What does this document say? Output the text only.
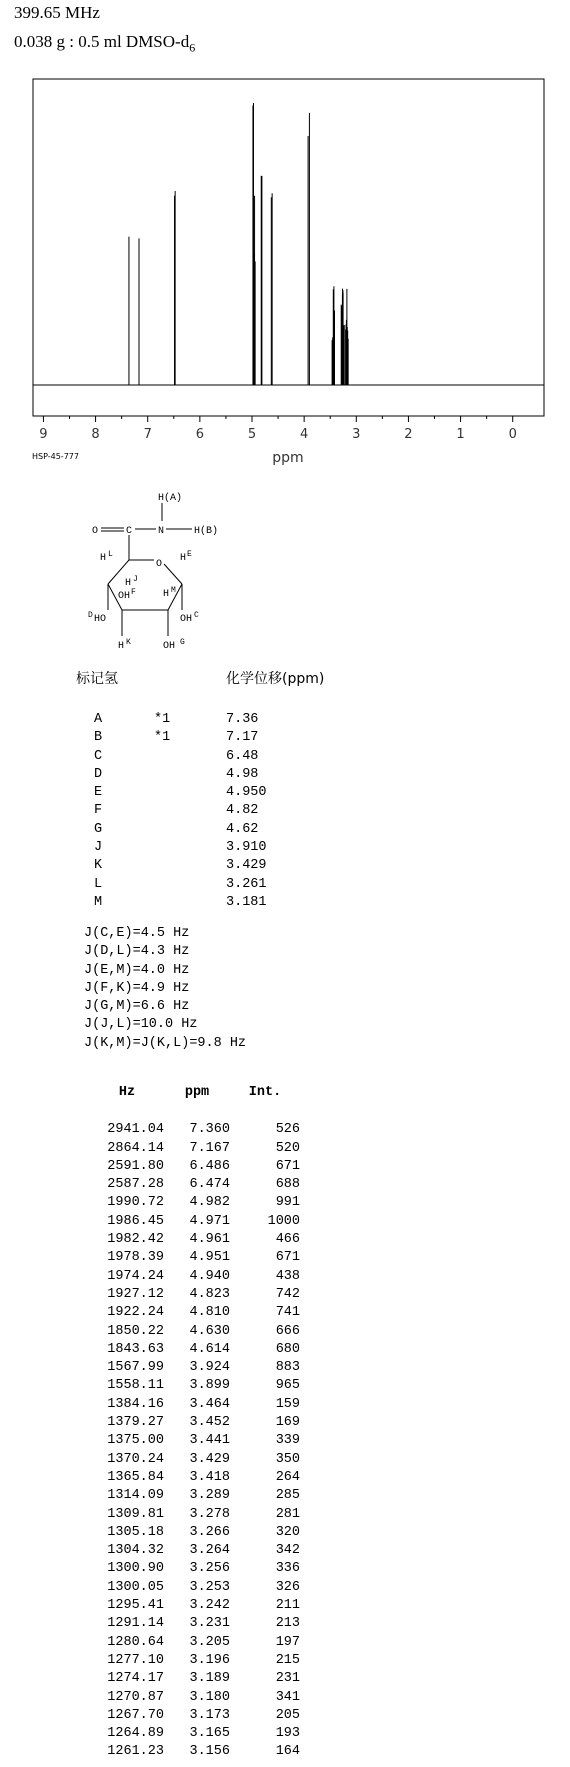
399.65 MHz
0.038 g : 0.5 ml DMSO-$d_6$
9	8	7	6	5	4	3	2	1	0
ppm
HSP-45-777
O	C	N
H(A)
H(B)
H L
O
H E
H J
OH F	H M
D HO	OH C
H K	OH G
标记氢	化学位移(ppm)
A	*1	7.36
B	*1	7.17
C	6.48
D	4.98
E	4.950
F	4.82
G	4.62
J	3.910
K	3.429
L	3.261
M	3.181
J(C,E)=4.5 Hz
J(D,L)=4.3 Hz
J(E,M)=4.0 Hz
J(F,K)=4.9 Hz
J(G,M)=6.6 Hz
J(J,L)=10.0 Hz
J(K,M)=J(K,L)=9.8 Hz
Hz	ppm	Int.

2941.04	7.360	526
2864.14	7.167	520
2591.80	6.486	671
2587.28	6.474	688
1990.72	4.982	991
1986.45	4.971	1000
1982.42	4.961	466
1978.39	4.951	671
1974.24	4.940	438
1927.12	4.823	742
1922.24	4.810	741
1850.22	4.630	666
1843.63	4.614	680
1567.99	3.924	883
1558.11	3.899	965
1384.16	3.464	159
1379.27	3.452	169
1375.00	3.441	339
1370.24	3.429	350
1365.84	3.418	264
1314.09	3.289	285
1309.81	3.278	281
1305.18	3.266	320
1304.32	3.264	342
1300.90	3.256	336
1300.05	3.253	326
1295.41	3.242	211
1291.14	3.231	213
1280.64	3.205	197
1277.10	3.196	215
1274.17	3.189	231
1270.87	3.180	341
1267.70	3.173	205
1264.89	3.165	193
1261.23	3.156	164
